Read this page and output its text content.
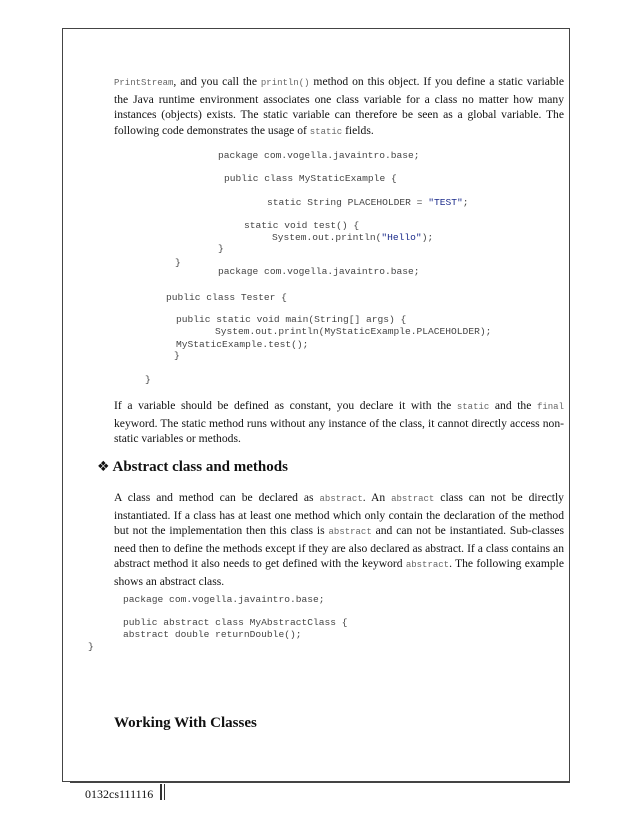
PrintStream, and you call the println() method on this object. If you define a static variable the Java runtime environment associates one class variable for a class no matter how many instances (objects) exists. The static variable can therefore be seen as a global variable. The following code demonstrates the usage of static fields.
package com.vogella.javaintro.base;
public class MyStaticExample {
static String PLACEHOLDER = "TEST";
static void test() {
System.out.println("Hello");
}
}
package com.vogella.javaintro.base;
public class Tester {
public static void main(String[] args) {
System.out.println(MyStaticExample.PLACEHOLDER);
MyStaticExample.test();
}
}
If a variable should be defined as constant, you declare it with the static and the final keyword. The static method runs without any instance of the class, it cannot directly access non-static variables or methods.
❖ Abstract class and methods
A class and method can be declared as abstract. An abstract class can not be directly instantiated. If a class has at least one method which only contain the declaration of the method but not the implementation then this class is abstract and can not be instantiated. Sub-classes need then to define the methods except if they are also declared as abstract. If a class contains an abstract method it also needs to get defined with the keyword abstract. The following example shows an abstract class.
package com.vogella.javaintro.base;
public abstract class MyAbstractClass {
abstract double returnDouble();
}
Working With Classes
0132cs111116
